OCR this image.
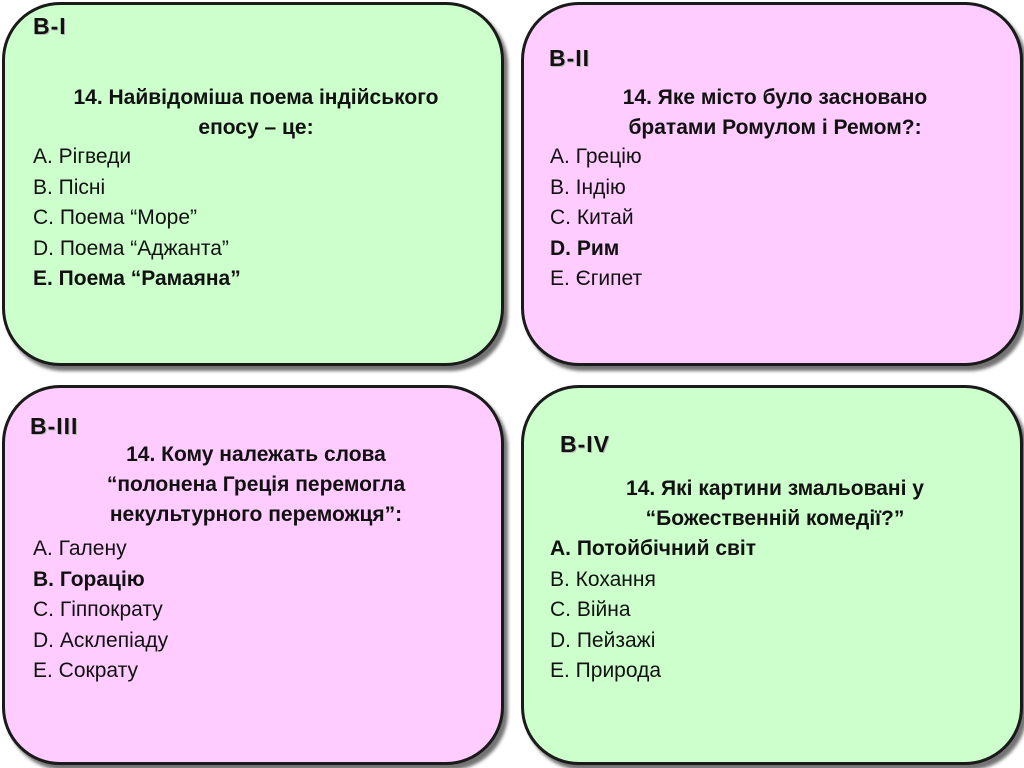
B-I
14. Найвідоміша поема індійського
епосу – це:
A. Рігведи
B. Пісні
C. Поема “Море”
D. Поема “Аджанта”
E. Поема “Рамаяна”
B-II
14. Яке місто було засновано
братами Ромулом і Ремом?:
A. Грецію
B. Індію
C. Китай
D. Рим
E. Єгипет
B-III
14. Кому належать слова
“полонена Греція перемогла
некультурного переможця”:
A. Галену
B. Горацію
C. Гіппократу
D. Асклепіаду
E. Сократу
B-IV
14. Які картини змальовані у
“Божественній комедії?”
A. Потойбічний світ
B. Кохання
C. Війна
D. Пейзажі
E. Природа
